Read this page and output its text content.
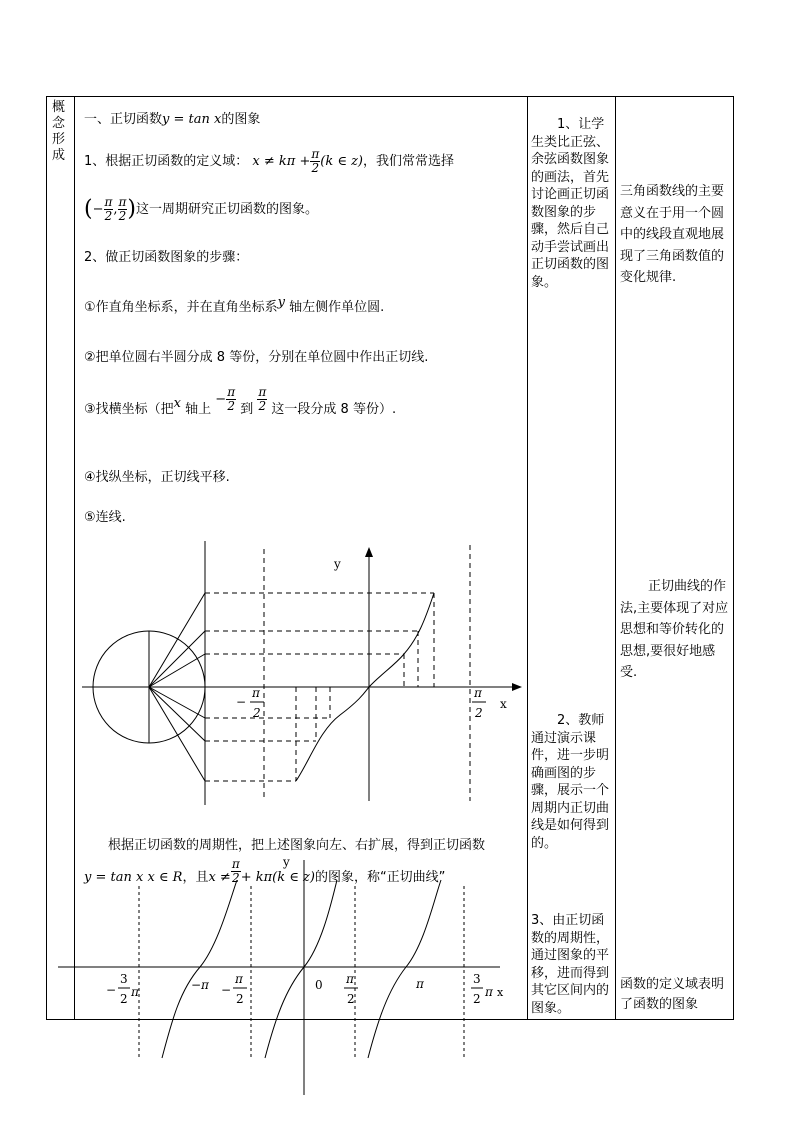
概念形成
一、正切函数y = tan x的图象
1、根据正切函数的定义域： $x \ne k\pi + \frac{\pi}{2} (k$ ∈ z)，我们常常选择
(− $\frac{\pi}{2}$ , $\frac{\pi}{2}$ )这一周期研究正切函数的图象。
2、做正切函数图象的步骤：
①作直角坐标系，并在直角坐标系y 轴左侧作单位圆.
②把单位圆右半圆分成 8 等份，分别在单位圆中作出正切线.
③找横坐标（把x 轴上 − $\frac{\pi}{2}$ 到 $\frac{\pi}{2}$ 这一段分成 8 等份）.
④找纵坐标，正切线平移.
⑤连线.
y
x
−
π
2
π
2
根据正切函数的周期性，把上述图象向左、右扩展，得到正切函数
y = tan x x ∈ R，且$x \ne \frac{\pi}{2} + k\pi(k$ ∈ z)的图象，称“正切曲线”
y
x
0
−
3
2 π	−π −
π
2
π
2
π	3
2 π
1、让学生类比正弦、余弦函数图象的画法，首先讨论画正切函数图象的步骤，然后自己动手尝试画出正切函数的图象。
2、教师通过演示课件，进一步明确画图的步骤，展示一个周期内正切曲线是如何得到的。
3、由正切函数的周期性，通过图象的平移，进而得到其它区间内的图象。
三角函数线的主要意义在于用一个圆中的线段直观地展现了三角函数值的变化规律.
正切曲线的作法,主要体现了对应思想和等价转化的思想,要很好地感受.
函数的定义域表明了函数的图象
